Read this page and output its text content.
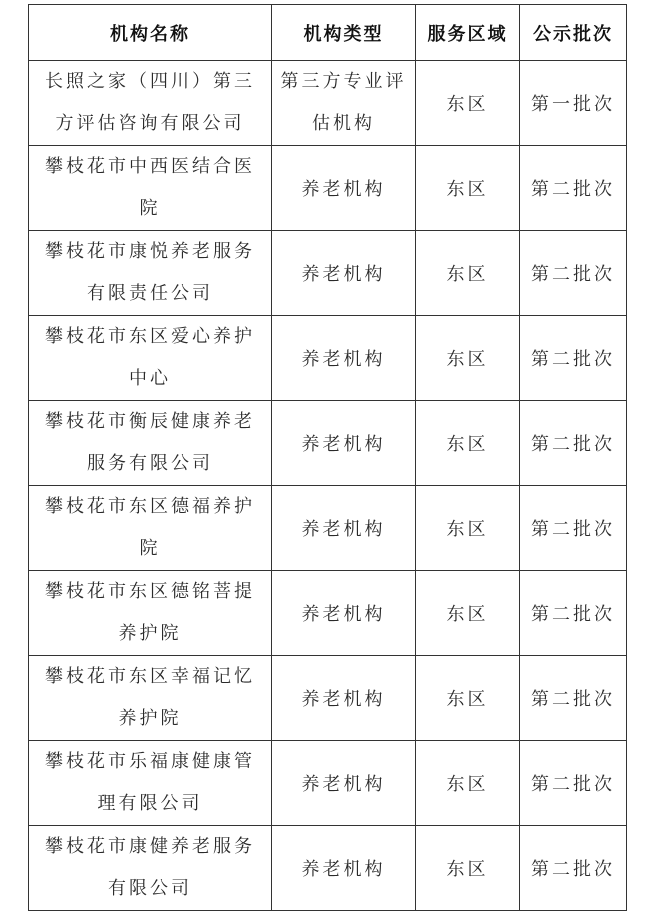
机构名称	机构类型	服务区域	公示批次
长照之家（四川）第三方评估咨询有限公司	第三方专业评估机构	东区	第一批次
攀枝花市中西医结合医院	养老机构	东区	第二批次
攀枝花市康悦养老服务有限责任公司	养老机构	东区	第二批次
攀枝花市东区爱心养护中心	养老机构	东区	第二批次
攀枝花市衡辰健康养老服务有限公司	养老机构	东区	第二批次
攀枝花市东区德福养护院	养老机构	东区	第二批次
攀枝花市东区德铭菩提养护院	养老机构	东区	第二批次
攀枝花市东区幸福记忆养护院	养老机构	东区	第二批次
攀枝花市乐福康健康管理有限公司	养老机构	东区	第二批次
攀枝花市康健养老服务有限公司	养老机构	东区	第二批次
